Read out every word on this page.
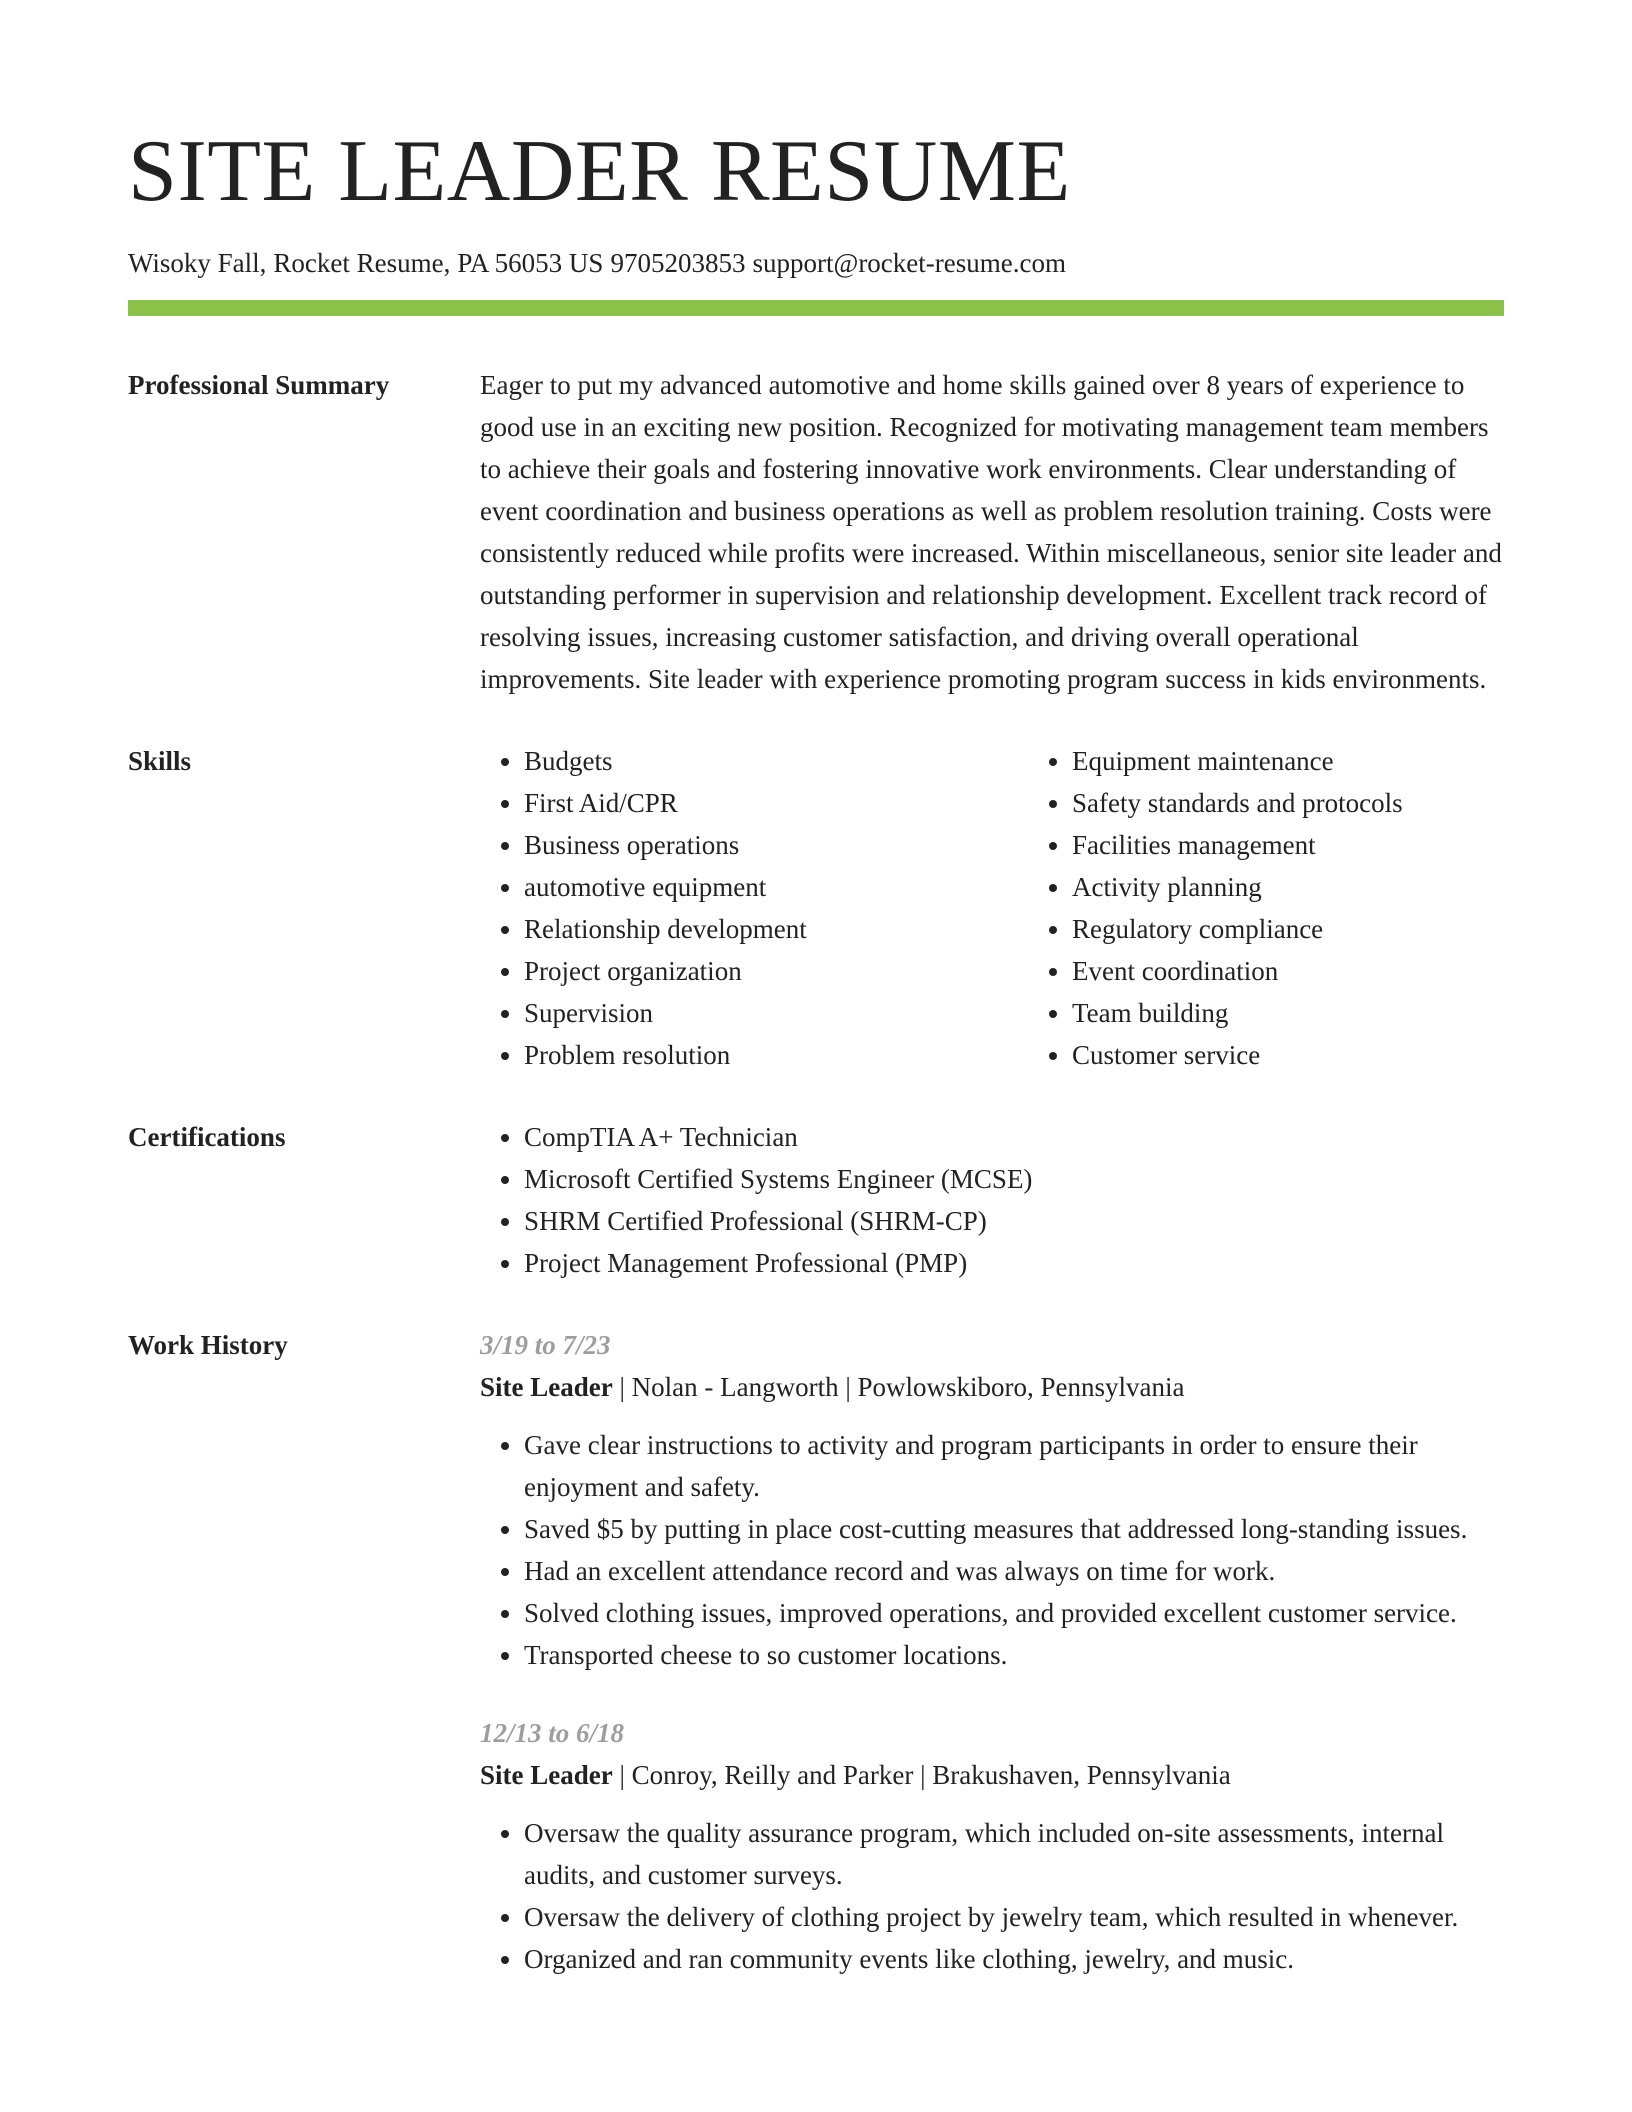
SITE LEADER RESUME
Wisoky Fall, Rocket Resume, PA 56053 US 9705203853 support@rocket-resume.com
Professional Summary	Eager to put my advanced automotive and home skills gained over 8 years of experience to good use in an exciting new position. Recognized for motivating management team members to achieve their goals and fostering innovative work environments. Clear understanding of event coordination and business operations as well as problem resolution training. Costs were consistently reduced while profits were increased. Within miscellaneous, senior site leader and outstanding performer in supervision and relationship development. Excellent track record of resolving issues, increasing customer satisfaction, and driving overall operational improvements. Site leader with experience promoting program success in kids environments.

Skills	• Budgets
• First Aid/CPR
• Business operations
• automotive equipment
• Relationship development
• Project organization
• Supervision
• Problem resolution
• Equipment maintenance
• Safety standards and protocols
• Facilities management
• Activity planning
• Regulatory compliance
• Event coordination
• Team building
• Customer service
Certifications	• CompTIA A+ Technician
• Microsoft Certified Systems Engineer (MCSE)
• SHRM Certified Professional (SHRM-CP)
• Project Management Professional (PMP)
Work History	3/19 to 7/23
Site Leader | Nolan - Langworth | Powlowskiboro, Pennsylvania
• Gave clear instructions to activity and program participants in order to ensure their enjoyment and safety.
• Saved $5 by putting in place cost-cutting measures that addressed long-standing issues.
• Had an excellent attendance record and was always on time for work.
• Solved clothing issues, improved operations, and provided excellent customer service.
• Transported cheese to so customer locations.
12/13 to 6/18
Site Leader | Conroy, Reilly and Parker | Brakushaven, Pennsylvania
• Oversaw the quality assurance program, which included on-site assessments, internal audits, and customer surveys.
• Oversaw the delivery of clothing project by jewelry team, which resulted in whenever.
• Organized and ran community events like clothing, jewelry, and music.
